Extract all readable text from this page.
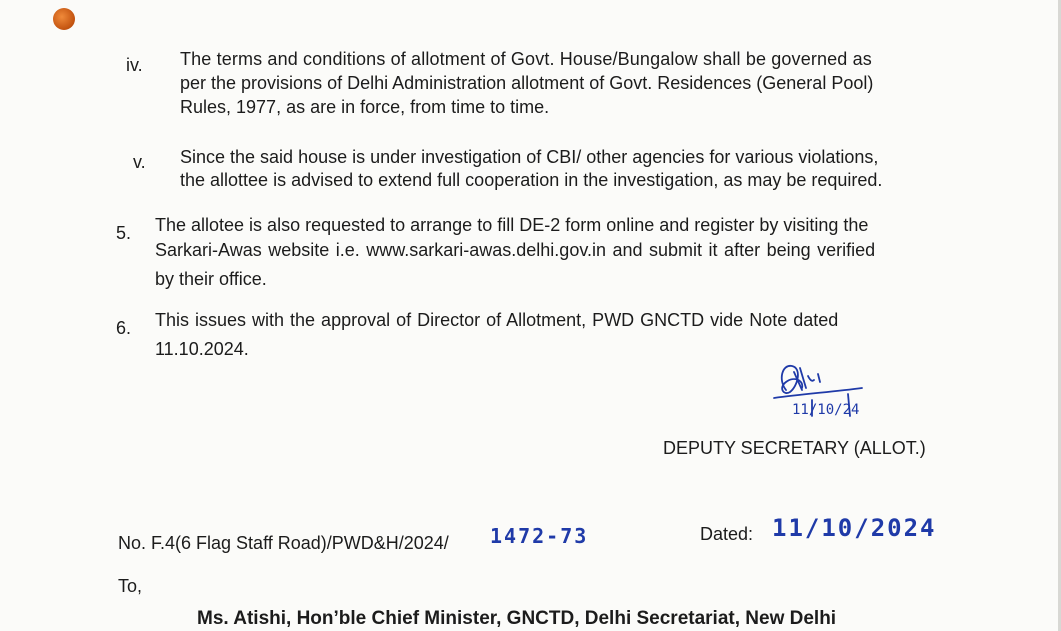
iv. The terms and conditions of allotment of Govt. House/Bungalow shall be governed as
per the provisions of Delhi Administration allotment of Govt. Residences (General Pool)
Rules, 1977, as are in force, from time to time.
v. Since the said house is under investigation of CBI/ other agencies for various violations,
the allottee is advised to extend full cooperation in the investigation, as may be required.
5. The allotee is also requested to arrange to fill DE-2 form online and register by visiting the
Sarkari-Awas website i.e. www.sarkari-awas.delhi.gov.in and submit it after being verified
by their office.
6. This issues with the approval of Director of Allotment, PWD GNCTD vide Note dated
11.10.2024.
11/10/24
DEPUTY SECRETARY (ALLOT.)
No. F.4(6 Flag Staff Road)/PWD&H/2024/ 1472-73	Dated: 11/10/2024
To,
Ms. Atishi, Hon’ble Chief Minister, GNCTD, Delhi Secretariat, New Delhi
